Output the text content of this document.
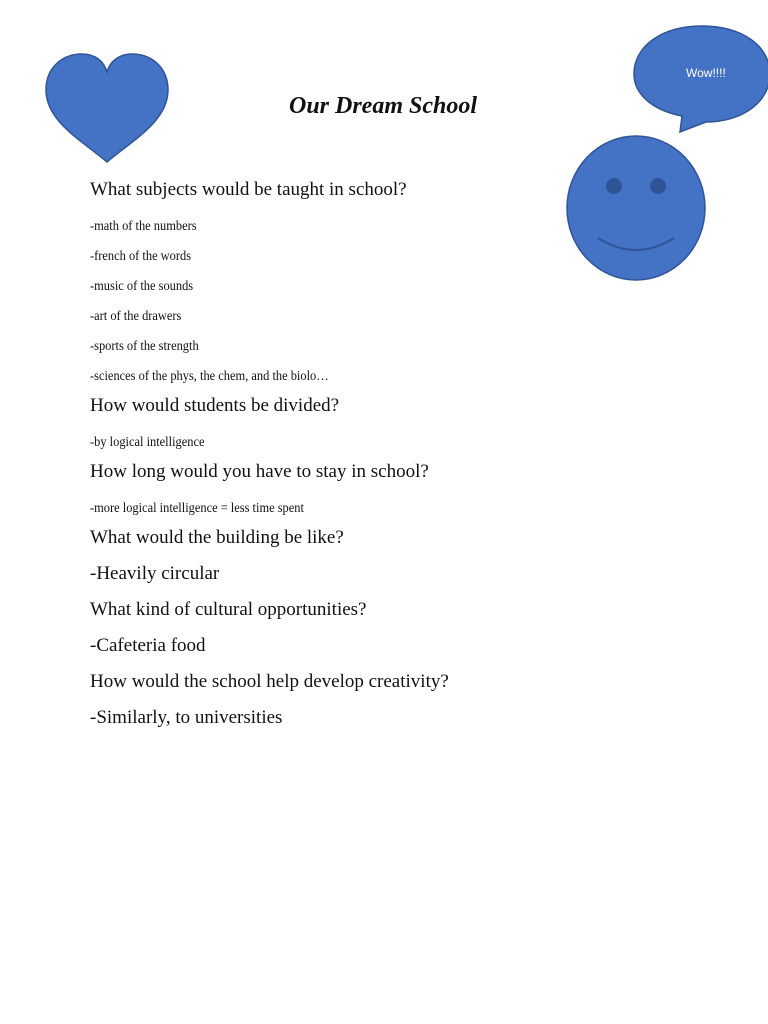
Wow!!!!
Our Dream School

What subjects would be taught in school?

-math of the numbers

-french of the words

-music of the sounds

-art of the drawers

-sports of the strength

-sciences of the phys, the chem, and the biolo…

How would students be divided?

-by logical intelligence

How long would you have to stay in school?

-more logical intelligence = less time spent

What would the building be like?

-Heavily circular

What kind of cultural opportunities?

-Cafeteria food

How would the school help develop creativity?

-Similarly, to universities
